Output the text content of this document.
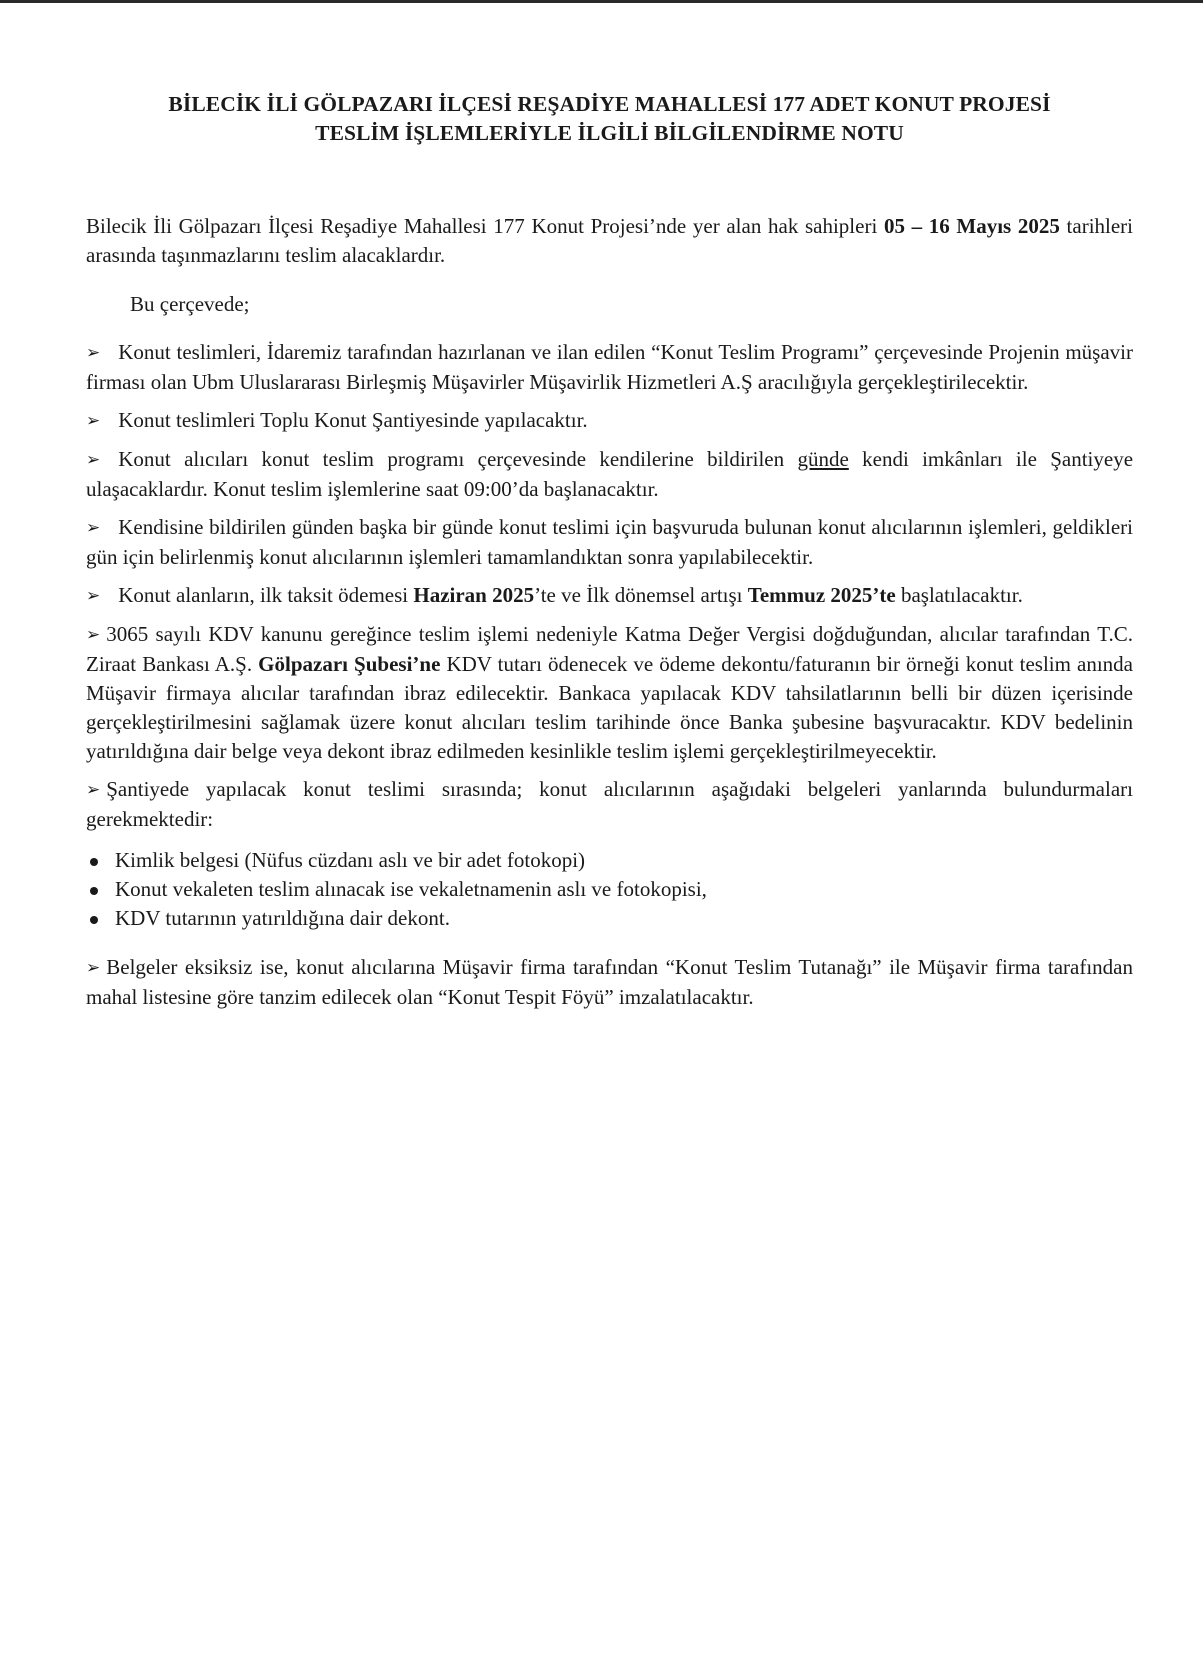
BİLECİK İLİ GÖLPAZARI İLÇESİ REŞADİYE MAHALLESİ 177 ADET KONUT PROJESİ
TESLİM İŞLEMLERİYLE İLGİLİ BİLGİLENDİRME NOTU

Bilecik İli Gölpazarı İlçesi Reşadiye Mahallesi 177 Konut Projesi’nde yer alan hak sahipleri 05 – 16 Mayıs 2025 tarihleri arasında taşınmazlarını teslim alacaklardır.

Bu çerçevede;

➢ Konut teslimleri, İdaremiz tarafından hazırlanan ve ilan edilen “Konut Teslim Programı” çerçevesinde Projenin müşavir firması olan Ubm Uluslararası Birleşmiş Müşavirler Müşavirlik Hizmetleri A.Ş aracılığıyla gerçekleştirilecektir.

➢ Konut teslimleri Toplu Konut Şantiyesinde yapılacaktır.

➢ Konut alıcıları konut teslim programı çerçevesinde kendilerine bildirilen günde kendi imkânları ile Şantiyeye ulaşacaklardır. Konut teslim işlemlerine saat 09:00’da başlanacaktır.

➢ Kendisine bildirilen günden başka bir günde konut teslimi için başvuruda bulunan konut alıcılarının işlemleri, geldikleri gün için belirlenmiş konut alıcılarının işlemleri tamamlandıktan sonra yapılabilecektir.

➢ Konut alanların, ilk taksit ödemesi Haziran 2025’te ve İlk dönemsel artışı Temmuz 2025’te başlatılacaktır.

➢ 3065 sayılı KDV kanunu gereğince teslim işlemi nedeniyle Katma Değer Vergisi doğduğundan, alıcılar tarafından T.C. Ziraat Bankası A.Ş. Gölpazarı Şubesi’ne KDV tutarı ödenecek ve ödeme dekontu/faturanın bir örneği konut teslim anında Müşavir firmaya alıcılar tarafından ibraz edilecektir. Bankaca yapılacak KDV tahsilatlarının belli bir düzen içerisinde gerçekleştirilmesini sağlamak üzere konut alıcıları teslim tarihinde önce Banka şubesine başvuracaktır. KDV bedelinin yatırıldığına dair belge veya dekont ibraz edilmeden kesinlikle teslim işlemi gerçekleştirilmeyecektir.

➢ Şantiyede yapılacak konut teslimi sırasında; konut alıcılarının aşağıdaki belgeleri yanlarında bulundurmaları gerekmektedir:

Kimlik belgesi (Nüfus cüzdanı aslı ve bir adet fotokopi)
Konut vekaleten teslim alınacak ise vekaletnamenin aslı ve fotokopisi,
KDV tutarının yatırıldığına dair dekont.

➢ Belgeler eksiksiz ise, konut alıcılarına Müşavir firma tarafından “Konut Teslim Tutanağı” ile Müşavir firma tarafından mahal listesine göre tanzim edilecek olan “Konut Tespit Föyü” imzalatılacaktır.
